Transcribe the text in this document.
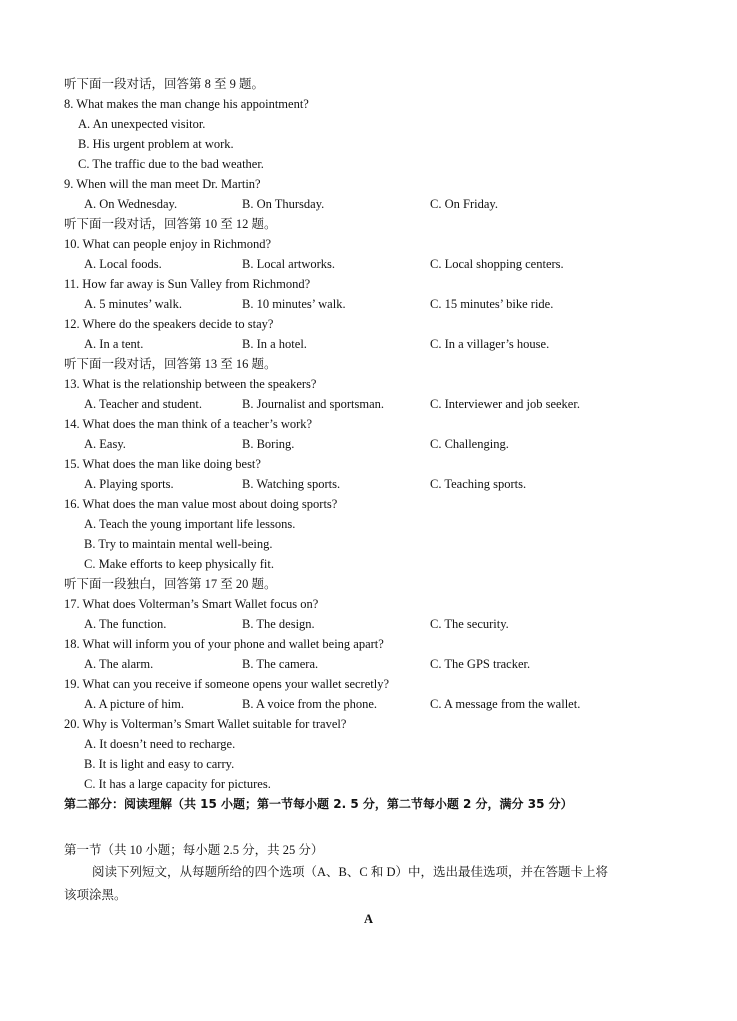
听下面一段对话，回答第 8 至 9 题。
8. What makes the man change his appointment?
A. An unexpected visitor.
B. His urgent problem at work.
C. The traffic due to the bad weather.
9. When will the man meet Dr. Martin?
A. On Wednesday.	B. On Thursday.	C. On Friday.
听下面一段对话，回答第 10 至 12 题。
10. What can people enjoy in Richmond?
A. Local foods.	B. Local artworks.	C. Local shopping centers.
11. How far away is Sun Valley from Richmond?
A. 5 minutes’ walk.	B. 10 minutes’ walk.	C. 15 minutes’ bike ride.
12. Where do the speakers decide to stay?
A. In a tent.	B. In a hotel.	C. In a villager’s house.
听下面一段对话，回答第 13 至 16 题。
13. What is the relationship between the speakers?
A. Teacher and student.	B. Journalist and sportsman.	C. Interviewer and job seeker.
14. What does the man think of a teacher’s work?
A. Easy.	B. Boring.	C. Challenging.
15. What does the man like doing best?
A. Playing sports.	B. Watching sports.	C. Teaching sports.
16. What does the man value most about doing sports?
A. Teach the young important life lessons.
B. Try to maintain mental well-being.
C. Make efforts to keep physically fit.
听下面一段独白，回答第 17 至 20 题。
17. What does Volterman’s Smart Wallet focus on?
A. The function.	B. The design.	C. The security.
18. What will inform you of your phone and wallet being apart?
A. The alarm.	B. The camera.	C. The GPS tracker.
19. What can you receive if someone opens your wallet secretly?
A. A picture of him.	B. A voice from the phone.	C. A message from the wallet.
20. Why is Volterman’s Smart Wallet suitable for travel?
A. It doesn’t need to recharge.
B. It is light and easy to carry.
C. It has a large capacity for pictures.
第二部分：阅读理解（共 15 小题；第一节每小题 2. 5 分，第二节每小题 2 分，满分 35 分）
第一节（共 10 小题；每小题 2.5 分，共 25 分）
阅读下列短文，从每题所给的四个选项（A、B、C 和 D）中，选出最佳选项，并在答题卡上将
该项涂黑。
A
